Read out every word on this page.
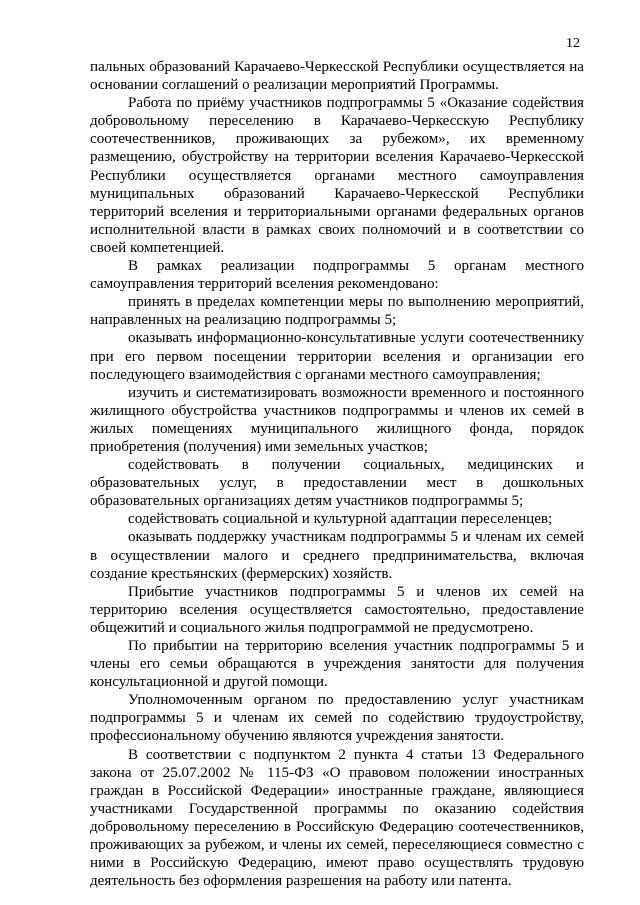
12

пальных образований Карачаево-Черкесской Республики осуществляется на основании соглашений о реализации мероприятий Программы.

Работа по приёму участников подпрограммы 5 «Оказание содействия добровольному переселению в Карачаево-Черкесскую Республику соотечественников, проживающих за рубежом», их временному размещению, обустройству на территории вселения Карачаево-Черкесской Республики осуществляется органами местного самоуправления муниципальных образований Карачаево-Черкесской Республики территорий вселения и территориальными органами федеральных органов исполнительной власти в рамках своих полномочий и в соответствии со своей компетенцией.

В рамках реализации подпрограммы 5 органам местного самоуправления территорий вселения рекомендовано:

принять в пределах компетенции меры по выполнению мероприятий, направленных на реализацию подпрограммы 5;

оказывать информационно-консультативные услуги соотечественнику при его первом посещении территории вселения и организации его последующего взаимодействия с органами местного самоуправления;

изучить и систематизировать возможности временного и постоянного жилищного обустройства участников подпрограммы и членов их семей в жилых помещениях муниципального жилищного фонда, порядок приобретения (получения) ими земельных участков;

содействовать в получении социальных, медицинских и образовательных услуг, в предоставлении мест в дошкольных образовательных организациях детям участников подпрограммы 5;

содействовать социальной и культурной адаптации переселенцев;

оказывать поддержку участникам подпрограммы 5 и членам их семей в осуществлении малого и среднего предпринимательства, включая создание крестьянских (фермерских) хозяйств.

Прибытие участников подпрограммы 5 и членов их семей на территорию вселения осуществляется самостоятельно, предоставление общежитий и социального жилья подпрограммой не предусмотрено.

По прибытии на территорию вселения участник подпрограммы 5 и члены его семьи обращаются в учреждения занятости для получения консультационной и другой помощи.

Уполномоченным органом по предоставлению услуг участникам подпрограммы 5 и членам их семей по содействию трудоустройству, профессиональному обучению являются учреждения занятости.

В соответствии с подпунктом 2 пункта 4 статьи 13 Федерального закона от 25.07.2002 № 115-ФЗ «О правовом положении иностранных граждан в Российской Федерации» иностранные граждане, являющиеся участниками Государственной программы по оказанию содействия добровольному переселению в Российскую Федерацию соотечественников, проживающих за рубежом, и члены их семей, переселяющиеся совместно с ними в Российскую Федерацию, имеют право осуществлять трудовую деятельность без оформления разрешения на работу или патента.
